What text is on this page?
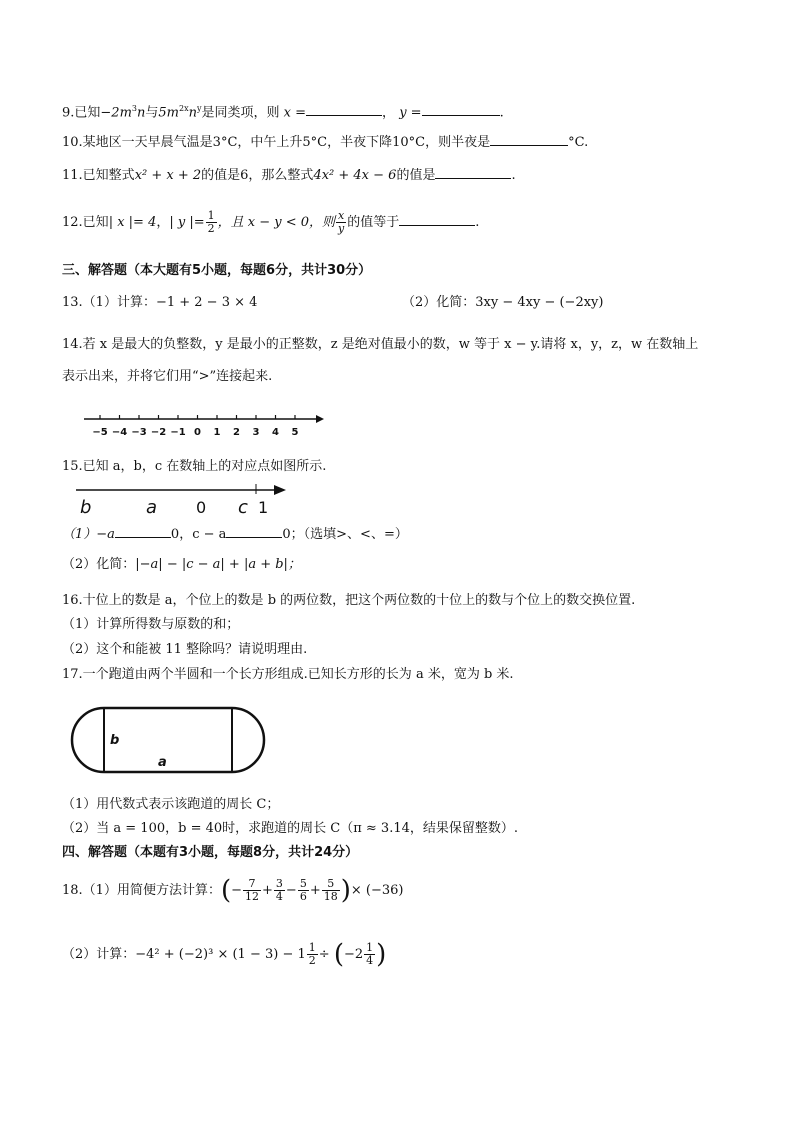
9.已知$-2m^3n$与$5m^{2x}n^y$是同类项，则 x =	， y =	.
10.某地区一天早晨气温是3°C，中午上升5°C，半夜下降10°C，则半夜是	°C.
11.已知整式x² + x + 2的值是6，那么整式4x² + 4x − 6的值是	.
12.已知| x |= 4，| y |= $\frac{1}{2}$ ，且 x − y < 0，则 $\frac{x}{y}$ 的值等于	.
三、解答题（本大题有5小题，每题6分，共计30分）
13.（1）计算：−1 + 2 − 3 × 4	（2）化简：3xy − 4xy − (−2xy)
14.若 x 是最大的负整数，y 是最小的正整数，z 是绝对值最小的数，w 等于 x − y.请将 x，y，z，w 在数轴上
表示出来，并将它们用“>”连接起来.
−5 −4 −3 −2 −1 0 1 2 3 4 5
15.已知 a，b，c 在数轴上的对应点如图所示.
b	a 0 c 1
（1）−a	0，c − a	0；（选填>、<、=）
（2）化简：|−a| − |c − a| + |a + b|；
16.十位上的数是 a，个位上的数是 b 的两位数，把这个两位数的十位上的数与个位上的数交换位置.
（1）计算所得数与原数的和；
（2）这个和能被 11 整除吗？请说明理由.
17.一个跑道由两个半圆和一个长方形组成.已知长方形的长为 a 米，宽为 b 米.
b
a
（1）用代数式表示该跑道的周长 C；
（2）当 a = 100，b = 40时，求跑道的周长 C（π ≈ 3.14，结果保留整数）.
四、解答题（本题有3小题，每题8分，共计24分）
18.（1）用简便方法计算：(− $\frac{7}{12} + \frac{3}{4} - \frac{5}{6} + \frac{5}{18}$ )× (−36)
（2）计算：$-4^2 + (-2)^3 \times (1 - 3) - 1 \frac{1}{2} \div (-2 \frac{1}{4}$ )
